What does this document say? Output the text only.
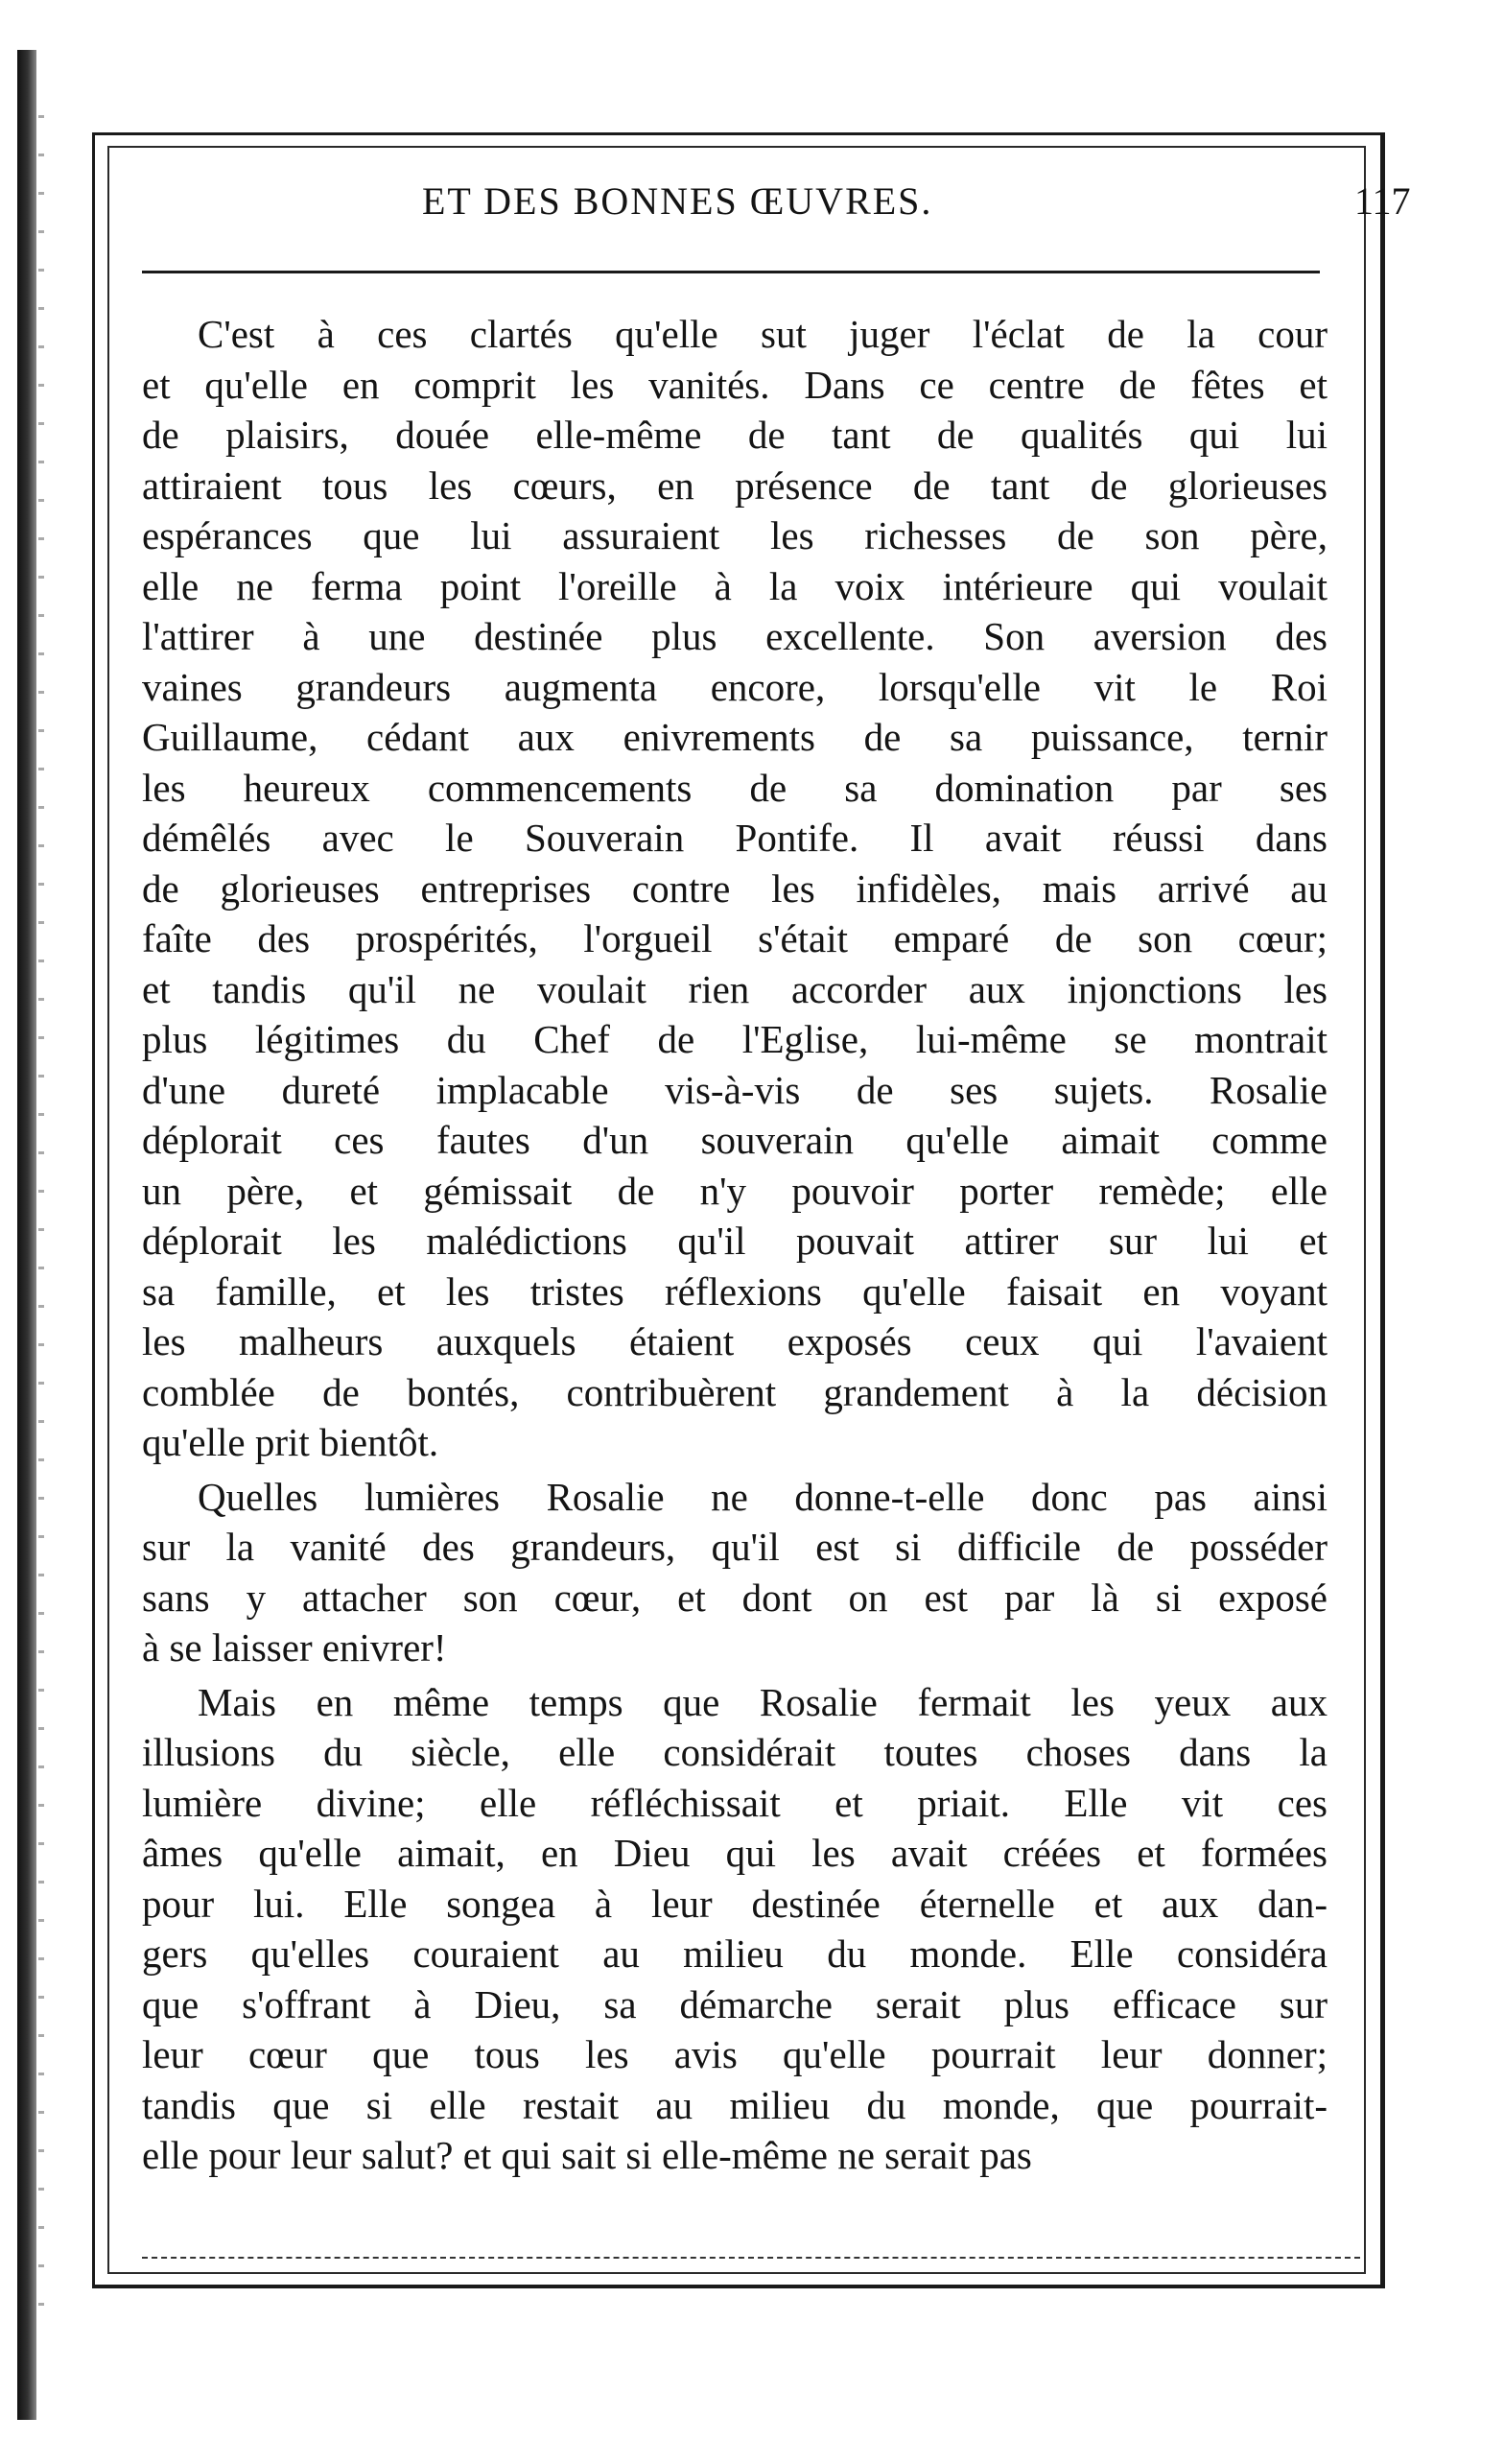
ET DES BONNES ŒUVRES.	117
C'est à ces clartés qu'elle sut juger l'éclat de la cour
et qu'elle en comprit les vanités. Dans ce centre de fêtes et
de plaisirs, douée elle-même de tant de qualités qui lui
attiraient tous les cœurs, en présence de tant de glorieuses
espérances que lui assuraient les richesses de son père,
elle ne ferma point l'oreille à la voix intérieure qui voulait
l'attirer à une destinée plus excellente. Son aversion des
vaines grandeurs augmenta encore, lorsqu'elle vit le Roi
Guillaume, cédant aux enivrements de sa puissance, ternir
les heureux commencements de sa domination par ses
démêlés avec le Souverain Pontife. Il avait réussi dans
de glorieuses entreprises contre les infidèles, mais arrivé au
faîte des prospérités, l'orgueil s'était emparé de son cœur;
et tandis qu'il ne voulait rien accorder aux injonctions les
plus légitimes du Chef de l'Eglise, lui-même se montrait
d'une dureté implacable vis-à-vis de ses sujets. Rosalie
déplorait ces fautes d'un souverain qu'elle aimait comme
un père, et gémissait de n'y pouvoir porter remède; elle
déplorait les malédictions qu'il pouvait attirer sur lui et
sa famille, et les tristes réflexions qu'elle faisait en voyant
les malheurs auxquels étaient exposés ceux qui l'avaient
comblée de bontés, contribuèrent grandement à la décision
qu'elle prit bientôt.
Quelles lumières Rosalie ne donne-t-elle donc pas ainsi
sur la vanité des grandeurs, qu'il est si difficile de posséder
sans y attacher son cœur, et dont on est par là si exposé
à se laisser enivrer!
Mais en même temps que Rosalie fermait les yeux aux
illusions du siècle, elle considérait toutes choses dans la
lumière divine; elle réfléchissait et priait. Elle vit ces
âmes qu'elle aimait, en Dieu qui les avait créées et formées
pour lui. Elle songea à leur destinée éternelle et aux dan-
gers qu'elles couraient au milieu du monde. Elle considéra
que s'offrant à Dieu, sa démarche serait plus efficace sur
leur cœur que tous les avis qu'elle pourrait leur donner;
tandis que si elle restait au milieu du monde, que pourrait-
elle pour leur salut? et qui sait si elle-même ne serait pas
